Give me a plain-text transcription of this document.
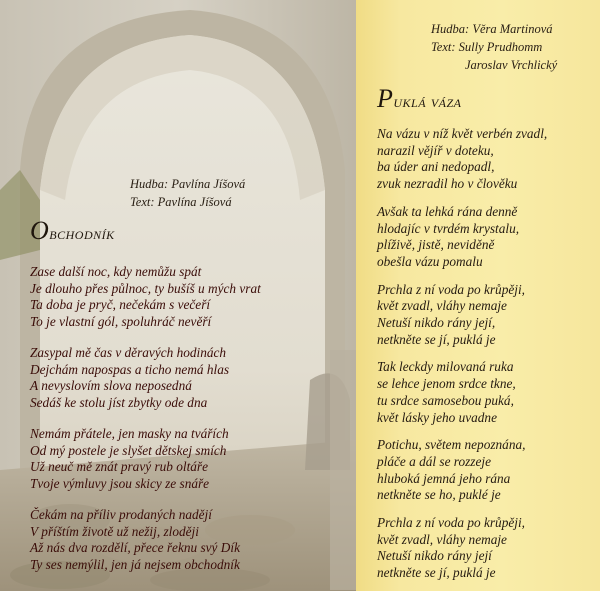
Hudba: Pavlína Jíšová
Text: Pavlína Jíšová
Obchodník
Hudba: Věra Martinová
Text: Sully Prudhomm
Jaroslav Vrchlický
Puklá váza
Zase další noc, kdy nemůžu spát
Je dlouho přes půlnoc, ty bušíš u mých vrat
Ta doba je pryč, nečekám s večeří
To je vlastní gól, spoluhráč nevěří
Zasypal mě čas v děravých hodinách
Dejchám napospas a ticho nemá hlas
A nevyslovím slova neposedná
Sedáš ke stolu jíst zbytky ode dna
Nemám přátele, jen masky na tvářích
Od mý postele je slyšet dětskej smích
Už neuč mě znát pravý rub oltáře
Tvoje výmluvy jsou skicy ze snáře
Čekám na příliv prodaných nadějí
V příštím životě už nežij, zloději
Až nás dva rozdělí, přece řeknu svý Dík
Ty ses nemýlil, jen já nejsem obchodník
Na vázu v níž květ verbén zvadl,
narazil vějíř v doteku,
ba úder ani nedopadl,
zvuk nezradil ho v člověku
Avšak ta lehká rána denně
hlodajíc v tvrdém krystalu,
plíživě, jistě, neviděně
obešla vázu pomalu
Prchla z ní voda po krůpěji,
květ zvadl, vláhy nemaje
Netuší nikdo rány její,
netkněte se jí, puklá je
Tak leckdy milovaná ruka
se lehce jenom srdce tkne,
tu srdce samosebou puká,
květ lásky jeho uvadne
Potichu, světem nepoznána,
pláče a dál se rozzeje
hluboká jemná jeho rána
netkněte se ho, puklé je
Prchla z ní voda po krůpěji,
květ zvadl, vláhy nemaje
Netuší nikdo rány její
netkněte se jí, puklá je
